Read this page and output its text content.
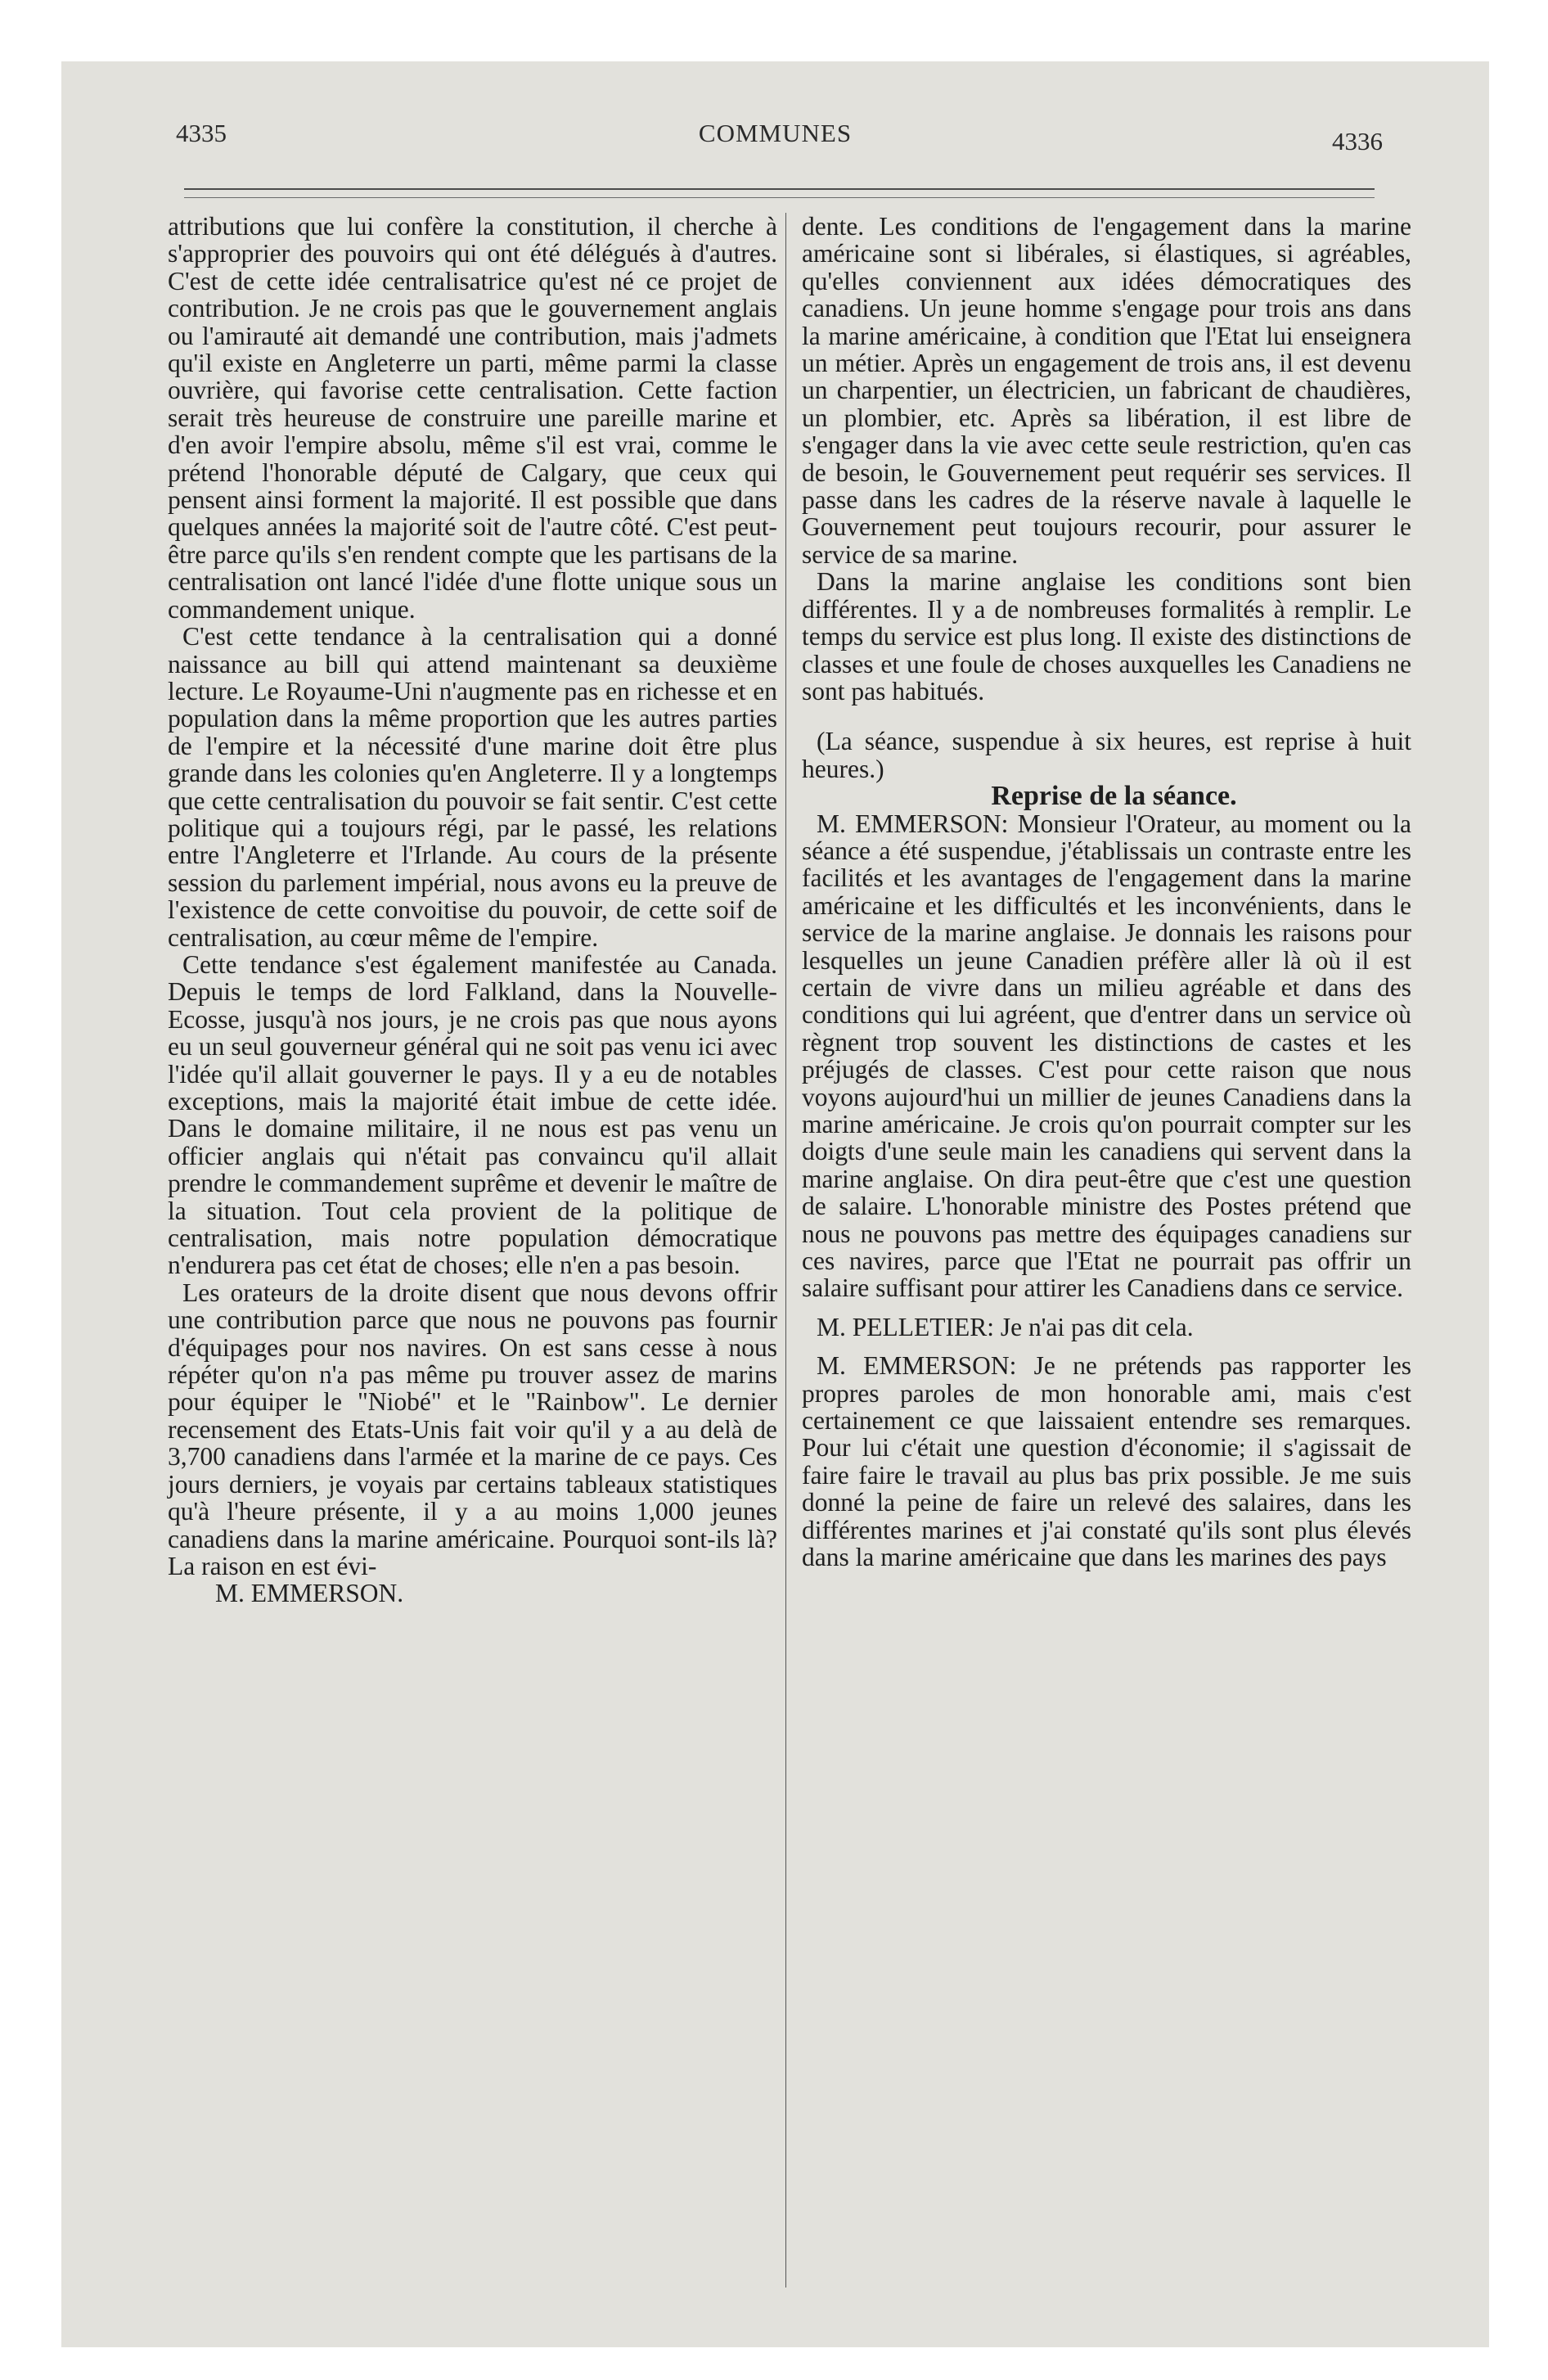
4335	COMMUNES	4336

attributions que lui confère la constitution, il cherche à s'approprier des pouvoirs qui ont été délégués à d'autres. C'est de cette idée centralisatrice qu'est né ce projet de contribution. Je ne crois pas que le gouvernement anglais ou l'amirauté ait demandé une contribution, mais j'admets qu'il existe en Angleterre un parti, même parmi la classe ouvrière, qui favorise cette centralisation. Cette faction serait très heureuse de construire une pareille marine et d'en avoir l'empire absolu, même s'il est vrai, comme le prétend l'honorable député de Calgary, que ceux qui pensent ainsi forment la majorité. Il est possible que dans quelques années la majorité soit de l'autre côté. C'est peut-être parce qu'ils s'en rendent compte que les partisans de la centralisation ont lancé l'idée d'une flotte unique sous un commandement unique.

C'est cette tendance à la centralisation qui a donné naissance au bill qui attend maintenant sa deuxième lecture. Le Royaume-Uni n'augmente pas en richesse et en population dans la même proportion que les autres parties de l'empire et la nécessité d'une marine doit être plus grande dans les colonies qu'en Angleterre. Il y a longtemps que cette centralisation du pouvoir se fait sentir. C'est cette politique qui a toujours régi, par le passé, les relations entre l'Angleterre et l'Irlande. Au cours de la présente session du parlement impérial, nous avons eu la preuve de l'existence de cette convoitise du pouvoir, de cette soif de centralisation, au cœur même de l'empire.

Cette tendance s'est également manifestée au Canada. Depuis le temps de lord Falkland, dans la Nouvelle-Ecosse, jusqu'à nos jours, je ne crois pas que nous ayons eu un seul gouverneur général qui ne soit pas venu ici avec l'idée qu'il allait gouverner le pays. Il y a eu de notables exceptions, mais la majorité était imbue de cette idée. Dans le domaine militaire, il ne nous est pas venu un officier anglais qui n'était pas convaincu qu'il allait prendre le commandement suprême et devenir le maître de la situation. Tout cela provient de la politique de centralisation, mais notre population démocratique n'endurera pas cet état de choses; elle n'en a pas besoin.

Les orateurs de la droite disent que nous devons offrir une contribution parce que nous ne pouvons pas fournir d'équipages pour nos navires. On est sans cesse à nous répéter qu'on n'a pas même pu trouver assez de marins pour équiper le "Niobé" et le "Rainbow". Le dernier recensement des Etats-Unis fait voir qu'il y a au delà de 3,700 canadiens dans l'armée et la marine de ce pays. Ces jours derniers, je voyais par certains tableaux statistiques qu'à l'heure présente, il y a au moins 1,000 jeunes canadiens dans la marine américaine. Pourquoi sont-ils là? La raison en est évi-

M. EMMERSON.

dente. Les conditions de l'engagement dans la marine américaine sont si libérales, si élastiques, si agréables, qu'elles conviennent aux idées démocratiques des canadiens. Un jeune homme s'engage pour trois ans dans la marine américaine, à condition que l'Etat lui enseignera un métier. Après un engagement de trois ans, il est devenu un charpentier, un électricien, un fabricant de chaudières, un plombier, etc. Après sa libération, il est libre de s'engager dans la vie avec cette seule restriction, qu'en cas de besoin, le Gouvernement peut requérir ses services. Il passe dans les cadres de la réserve navale à laquelle le Gouvernement peut toujours recourir, pour assurer le service de sa marine.

Dans la marine anglaise les conditions sont bien différentes. Il y a de nombreuses formalités à remplir. Le temps du service est plus long. Il existe des distinctions de classes et une foule de choses auxquelles les Canadiens ne sont pas habitués.

(La séance, suspendue à six heures, est reprise à huit heures.)

Reprise de la séance.

M. EMMERSON: Monsieur l'Orateur, au moment ou la séance a été suspendue, j'établissais un contraste entre les facilités et les avantages de l'engagement dans la marine américaine et les difficultés et les inconvénients, dans le service de la marine anglaise. Je donnais les raisons pour lesquelles un jeune Canadien préfère aller là où il est certain de vivre dans un milieu agréable et dans des conditions qui lui agréent, que d'entrer dans un service où règnent trop souvent les distinctions de castes et les préjugés de classes. C'est pour cette raison que nous voyons aujourd'hui un millier de jeunes Canadiens dans la marine américaine. Je crois qu'on pourrait compter sur les doigts d'une seule main les canadiens qui servent dans la marine anglaise. On dira peut-être que c'est une question de salaire. L'honorable ministre des Postes prétend que nous ne pouvons pas mettre des équipages canadiens sur ces navires, parce que l'Etat ne pourrait pas offrir un salaire suffisant pour attirer les Canadiens dans ce service.

M. PELLETIER: Je n'ai pas dit cela.

M. EMMERSON: Je ne prétends pas rapporter les propres paroles de mon honorable ami, mais c'est certainement ce que laissaient entendre ses remarques. Pour lui c'était une question d'économie; il s'agissait de faire faire le travail au plus bas prix possible. Je me suis donné la peine de faire un relevé des salaires, dans les différentes marines et j'ai constaté qu'ils sont plus élevés dans la marine américaine que dans les marines des pays
